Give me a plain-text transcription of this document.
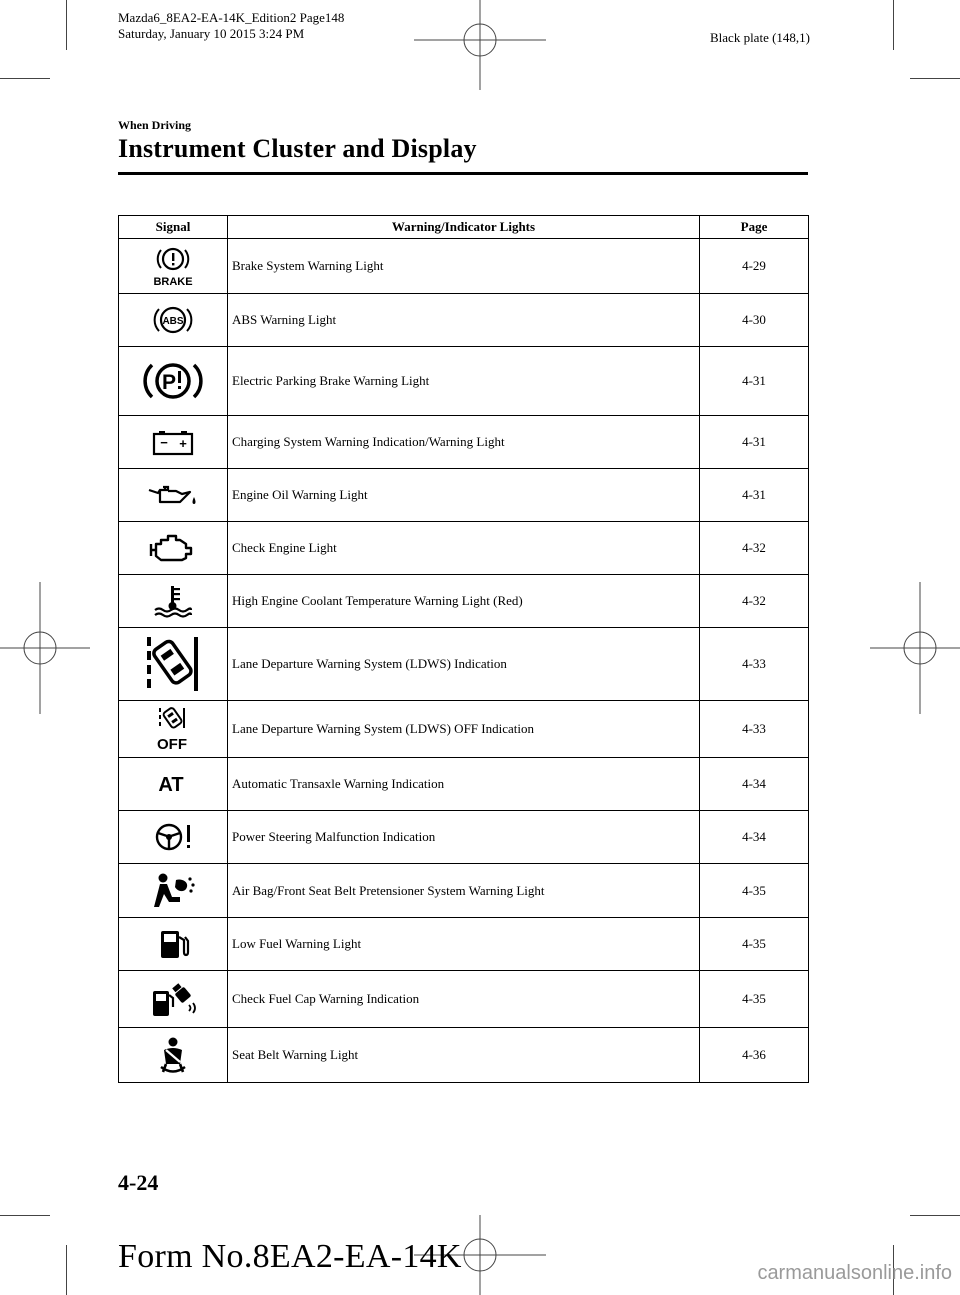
Mazda6_8EA2-EA-14K_Edition2 Page148
Saturday, January 10 2015 3:24 PM	Black plate (148,1)
When Driving
Instrument Cluster and Display
Signal	Warning/Indicator Lights	Page

BRAKE	Brake System Warning Light	4-29

ABS	ABS Warning Light	4-30

P	Electric Parking Brake Warning Light	4-31

− +	Charging System Warning Indication/Warning Light	4-31

	Engine Oil Warning Light	4-31

	Check Engine Light	4-32

	High Engine Coolant Temperature Warning Light (Red)	4-32

	Lane Departure Warning System (LDWS) Indication	4-33

OFF	Lane Departure Warning System (LDWS) OFF Indication	4-33

AT	Automatic Transaxle Warning Indication	4-34

	Power Steering Malfunction Indication	4-34

	Air Bag/Front Seat Belt Pretensioner System Warning Light	4-35

	Low Fuel Warning Light	4-35

	Check Fuel Cap Warning Indication	4-35

	Seat Belt Warning Light	4-36
4-24
Form No.8EA2-EA-14K	carmanualsonline.info
